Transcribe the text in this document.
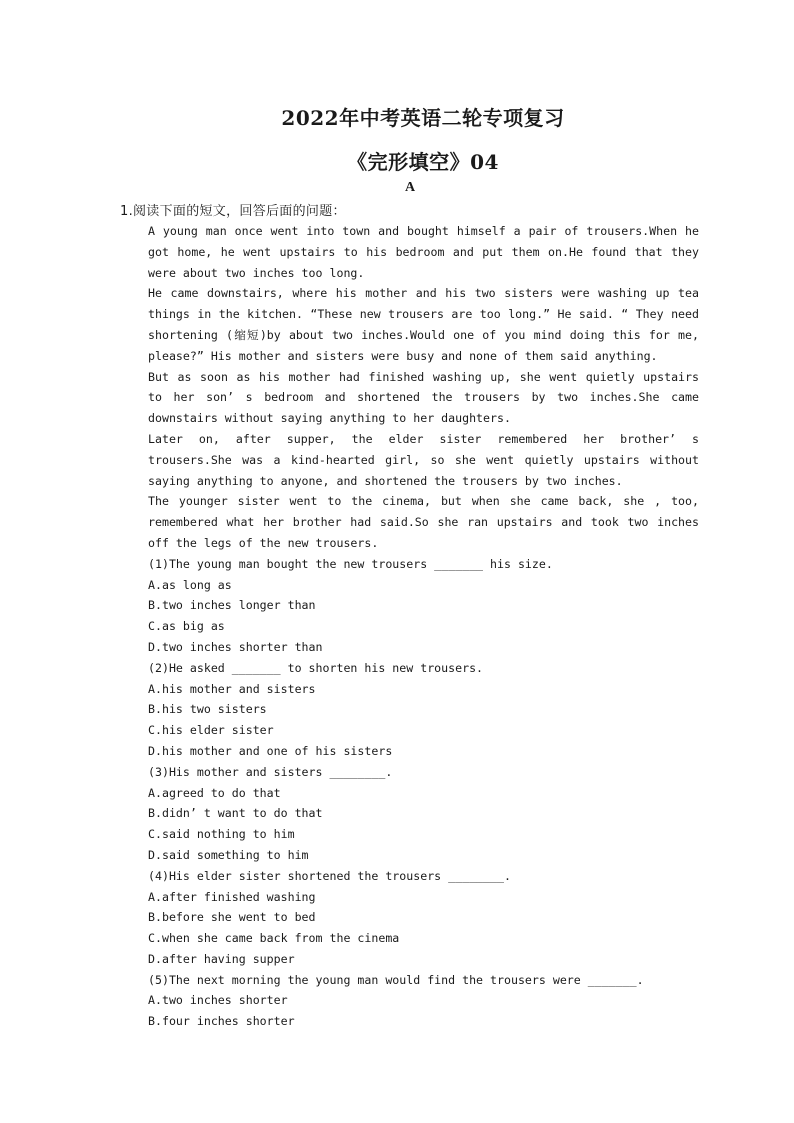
2022年中考英语二轮专项复习
《完形填空》04
A
1.阅读下面的短文，回答后面的问题：

A young man once went into town and bought himself a pair of trousers.When he got home, he went upstairs to his bedroom and put them on.He found that they were about two inches too long.

He came downstairs, where his mother and his two sisters were washing up tea things in the kitchen. “These new trousers are too long.” He said. “ They need shortening (缩短)by about two inches.Would one of you mind doing this for me, please?” His mother and sisters were busy and none of them said anything.

But as soon as his mother had finished washing up, she went quietly upstairs to her son’ s bedroom and shortened the trousers by two inches.She came downstairs without saying anything to her daughters.

Later on, after supper, the elder sister remembered her brother’ s trousers.She was a kind-hearted girl, so she went quietly upstairs without saying anything to anyone, and shortened the trousers by two inches.

The younger sister went to the cinema, but when she came back, she , too, remembered what her brother had said.So she ran upstairs and took two inches off the legs of the new trousers.

(1)The young man bought the new trousers _______ his size.
A.as long as
B.two inches longer than
C.as big as
D.two inches shorter than
(2)He asked _______ to shorten his new trousers.
A.his mother and sisters
B.his two sisters
C.his elder sister
D.his mother and one of his sisters
(3)His mother and sisters ________.
A.agreed to do that
B.didn’ t want to do that
C.said nothing to him
D.said something to him
(4)His elder sister shortened the trousers ________.
A.after finished washing
B.before she went to bed
C.when she came back from the cinema
D.after having supper
(5)The next morning the young man would find the trousers were _______.
A.two inches shorter
B.four inches shorter
